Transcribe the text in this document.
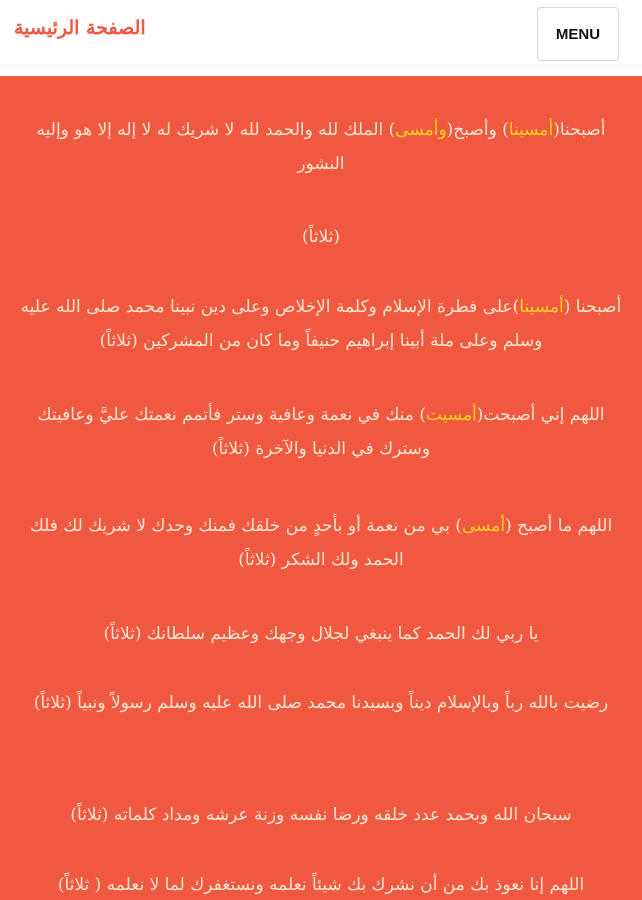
الصفحة الرئيسية	MENU

أصبحنا(أمسينا) وأصبح(وأمسى) الملك لله والحمد لله لا شريك له لا إله إلا هو وإليه النشور

(ثلاثاً)

أصبحنا (أمسينا)على فطرة الإسلام وكلمة الإخلاص وعلى دين نبينا محمد صلى الله عليه وسلم وعلى ملة أبينا إبراهيم حنيفاً وما كان من المشركين (ثلاثاً)

اللهم إني أصبحت(أمسيت) منك في نعمة وعافية وستر فأتمم نعمتك عليَّ وعافيتك وسترك في الدنيا والآخرة (ثلاثاً)

اللهم ما أصبح (أمسى) بي من نعمة أو بأحدٍ من خلقك فمنك وحدك لا شريك لك فلك الحمد ولك الشكر (ثلاثاً)

يا ربي لك الحمد كما ينبغي لجلال وجهك وعظيم سلطانك (ثلاثاً)

رضيت بالله رباً وبالإسلام ديناً وبسيدنا محمد صلى الله عليه وسلم رسولاً ونبياً (ثلاثاً)

سبحان الله وبحمد عدد خلقه ورضا نفسه وزنة عرشه ومداد كلماته (ثلاثاً)

اللهم إنا نعوذ بك من أن نشرك بك شيئاً نعلمه ونستغفرك لما لا نعلمه ( ثلاثاً)
